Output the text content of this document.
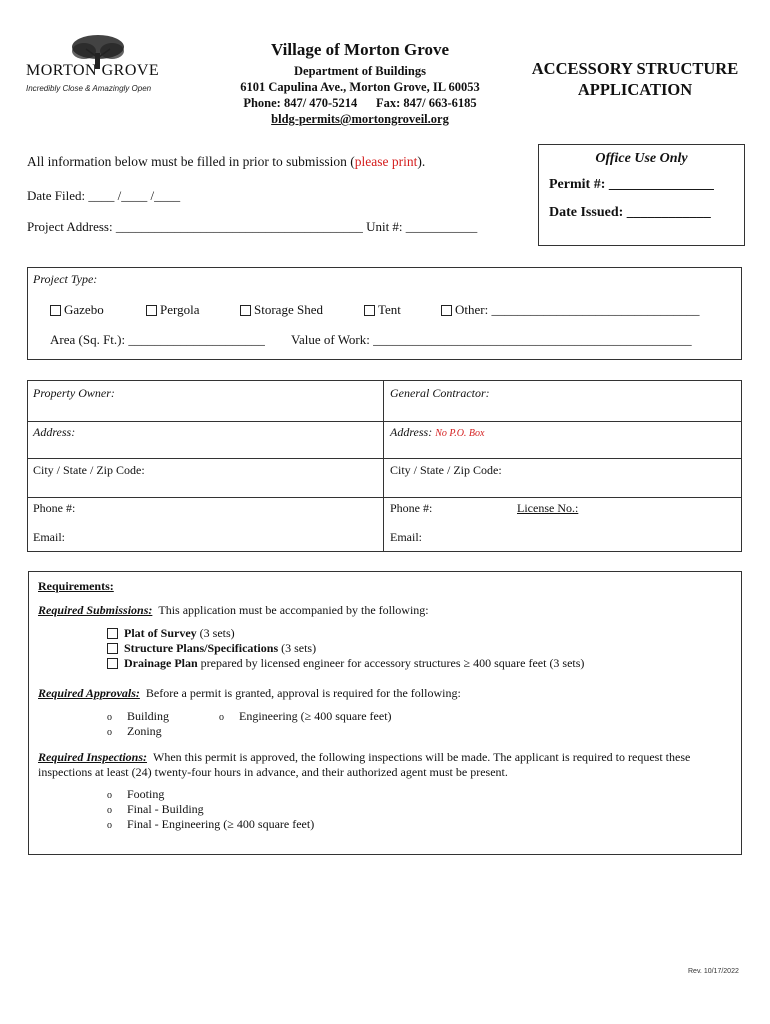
MORTON GROVE
Incredibly Close & Amazingly Open
Village of Morton Grove
Department of Buildings
6101 Capulina Ave., Morton Grove, IL 60053
Phone: 847/ 470-5214 Fax: 847/ 663-6185
bldg-permits@mortongroveil.org
ACCESSORY STRUCTURE
APPLICATION
Office Use Only
Permit #: _______________
Date Issued: ____________
All information below must be filled in prior to submission (please print).
Date Filed: ____ /____ /____
Project Address: ______________________________________ Unit #: ___________
Project Type:
Gazebo	Pergola	Storage Shed	Tent	Other: ________________________________
Area (Sq. Ft.): _____________________ Value of Work: _________________________________________________
Property Owner:	General Contractor:
Address:	Address: No P.O. Box
City / State / Zip Code:	City / State / Zip Code:
Phone #:	Phone #:	License No.:
Email:	Email:
Requirements:
Required Submissions: This application must be accompanied by the following:
Plat of Survey (3 sets)
Structure Plans/Specifications (3 sets)
Drainage Plan prepared by licensed engineer for accessory structures ≥ 400 square feet (3 sets)
Required Approvals: Before a permit is granted, approval is required for the following:
o Building
o Zoning
o Engineering (≥ 400 square feet)
Required Inspections: When this permit is approved, the following inspections will be made. The applicant is required to request these
inspections at least (24) twenty-four hours in advance, and their authorized agent must be present.
o Footing
o Final - Building
o Final - Engineering (≥ 400 square feet)
Rev. 10/17/2022
